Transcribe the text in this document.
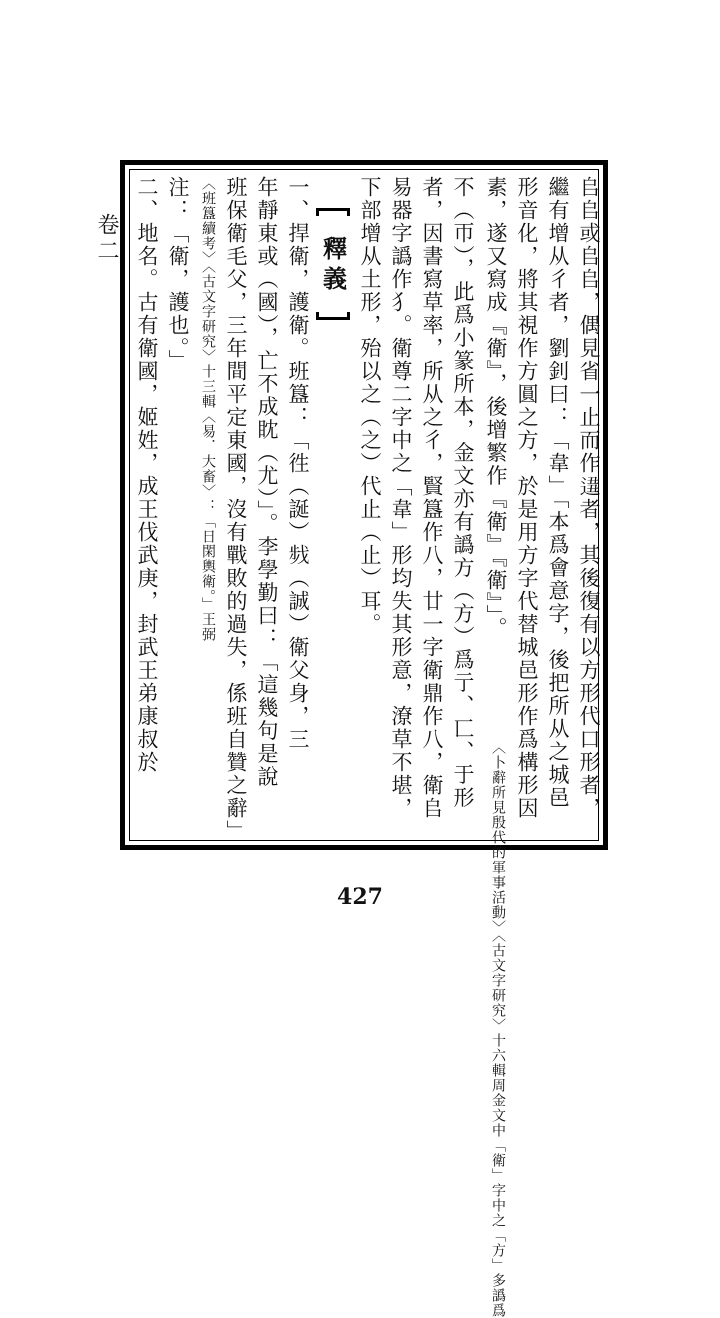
卷二	𠂤𠂤或𠂤𠂤，偶見省一止而作𨔚者，其後復有以方形代口形者，
繼有增从彳者，劉釗曰：「韋」「本爲會意字，後把所从之城邑
形音化，將其視作方圓之方，於是用方字代替城邑形作爲構形因
素，遂又寫成『衛』，後增繁作『衛』『衛』」。
〈卜辭所見殷代的軍事活動〉〈古文字研究〉十六輯周金文中「衛」字中之「方」多譌爲
不（帀），此爲小篆所本，金文亦有譌方（方）爲亍、匸、于形
者，因書寫草率，所从之彳，賢簋作八，廿一字衛鼎作八，衛𠂤
易器字譌作犭。衛尊二字中之「韋」形均失其形意，潦草不堪，
下部增从土形，殆以之（之）代止（止）耳。
釋義
一、捍衛，護衛。班簋：「徃（誕）𢧁（誠）衛父身，三
年靜東或（國），亡不成眈（尤）」。李學勤曰：「這幾句是說
班保衛毛父，三年間平定東國，沒有戰敗的過失，係班自贊之辭」
〈班簋續考〉〈古文字研究〉十三輯〈易．大畜〉：「日閑輿衛。」王弼
注：「衛，護也。」
二、地名。古有衛國，姬姓，成王伐武庚，封武王弟康叔於
427
